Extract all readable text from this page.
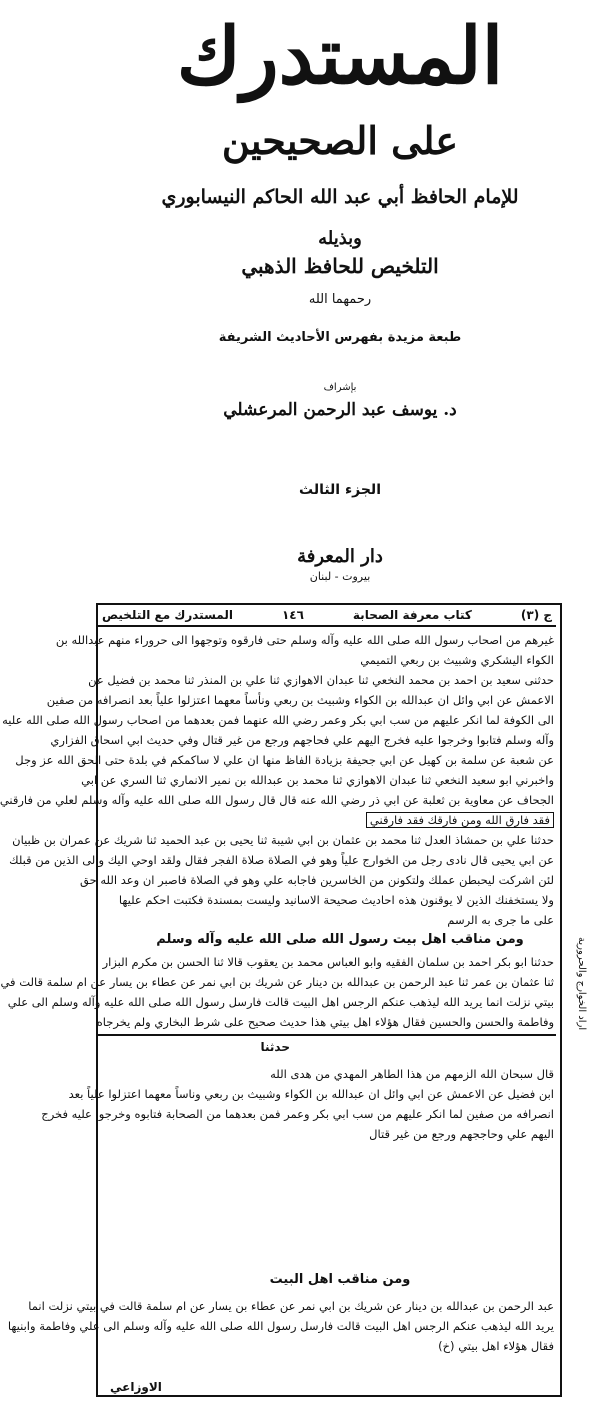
المستدرك
على الصحيحين
للإمام الحافظ أبي عبد الله الحاكم النيسابوري
وبذيله
التلخيص للحافظ الذهبي
رحمهما الله
طبعة مزيدة بفهرس الأحاديث الشريفة
بإشراف
د. يوسف عبد الرحمن المرعشلي
الجزء الثالث
دار المعرفة
بيروت - لبنان
ج (٣)
كتاب معرفة الصحابة
١٤٦
المستدرك مع التلخيص

غيرهم من اصحاب رسول الله صلى الله عليه وآله وسلم حتى فارقوه وتوجهوا الى حروراء منهم عبدالله بن

الكواء اليشكري وشبيث بن ربعي التميمي

حدثنى سعيد بن احمد بن محمد النخعي ثنا عبدان الاهوازي ثنا علي بن المنذر ثنا محمد بن فضيل عن

الاعمش عن ابي وائل ان عبدالله بن الكواء وشبيث بن ربعي ونأساً معهما اعتزلوا علياً بعد انصرافه من صفين

الى الكوفة لما انكر عليهم من سب ابي بكر وعمر رضي الله عنهما فمن بعدهما من اصحاب رسول الله صلى الله عليه

وآله وسلم فتابوا وخرجوا عليه فخرج اليهم علي فحاجهم ورجع من غير قتال وفي حديث ابي اسحاق الفزاري

عن شعبة عن سلمة بن كهيل عن ابي جحيفة بزيادة الفاظ منها ان علي لا ساكمكم في بلدة حتى الحق الله عز وجل

واخبرني ابو سعيد النخعي ثنا عبدان الاهوازي ثنا محمد بن عبدالله بن نمير الانماري ثنا السري عن ابي

الجحاف عن معاوية بن ثعلبة عن ابي ذر رضي الله عنه قال قال رسول الله صلى الله عليه وآله وسلم لعلي من فارقني

فقد فارق الله ومن فارقك فقد فارقني

حدثنا علي بن حمشاذ العدل ثنا محمد بن عثمان بن ابي شيبة ثنا يحيى بن عبد الحميد ثنا شريك عن عمران بن ظبيان

عن ابي يحيى قال نادى رجل من الخوارج علياً وهو في الصلاة صلاة الفجر فقال ولقد اوحي اليك والى الذين من قبلك

لئن اشركت ليحبطن عملك ولتكونن من الخاسرين فاجابه علي وهو في الصلاة فاصبر ان وعد الله حق

ولا يستخفنك الذين لا يوقنون هذه احاديث صحيحة الاسانيد وليست بمسندة فكتبت احكم عليها

على ما جرى به الرسم

ومن مناقب اهل بيت رسول الله صلى الله عليه وآله وسلم

حدثنا ابو بكر احمد بن سلمان الفقيه وابو العباس محمد بن يعقوب قالا ثنا الحسن بن مكرم البزار

ثنا عثمان بن عمر ثنا عبد الرحمن بن عبدالله بن دينار عن شريك بن ابي نمر عن عطاء بن يسار عن ام سلمة قالت في

بيتي نزلت انما يريد الله ليذهب عنكم الرجس اهل البيت قالت فارسل رسول الله صلى الله عليه وآله وسلم الى علي

وفاطمة والحسن والحسين فقال هؤلاء اهل بيتي هذا حديث صحيح على شرط البخاري ولم يخرجاه

حدثنا

قال سبحان الله الزمهم من هذا الطاهر المهدي من هدى الله

ابن فضيل عن الاعمش عن ابي وائل ان عبدالله بن الكواء وشبيث بن ربعي وناساً معهما اعتزلوا علياً بعد

انصرافه من صفين لما انكر عليهم من سب ابي بكر وعمر فمن بعدهما من الصحابة فتابوه وخرجوا عليه فخرج

اليهم علي وحاججهم ورجع من غير قتال

ومن مناقب اهل البيت

عبد الرحمن بن عبدالله بن دينار عن شريك بن ابي نمر عن عطاء بن يسار عن ام سلمة قالت في بيتي نزلت انما

يريد الله ليذهب عنكم الرجس اهل البيت قالت فارسل رسول الله صلى الله عليه وآله وسلم الى علي وفاطمة وابنيها

فقال هؤلاء اهل بيتي (خ)

الاوزاعي
اراد الخوارج والحرورية
